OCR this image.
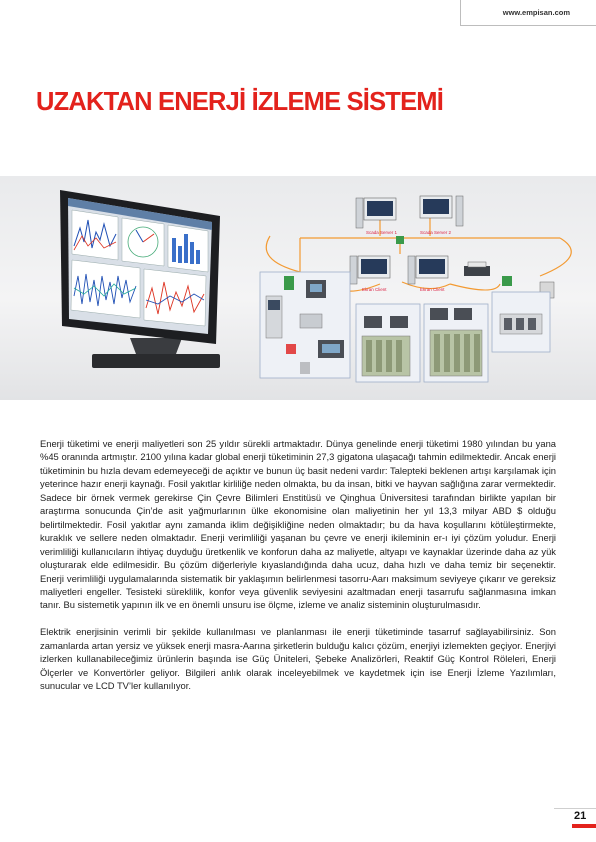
www.empisan.com
UZAKTAN ENERJİ İZLEME SİSTEMİ
Scada Server 1	Scada Server 2
Ekran Client	Ekran Client

Enerji tüketimi ve enerji maliyetleri son 25 yıldır sürekli artmaktadır. Dünya genelinde enerji tüketimi 1980 yılından bu yana %45 oranında artmıştır. 2100 yılına kadar global enerji tüketiminin 27,3 gigatona ulaşacağı tahmin edilmektedir. Ancak enerji tüketiminin bu hızla devam edemeyeceği de açıktır ve bunun üç basit nedeni vardır: Talepteki beklenen artışı karşılamak için yeterince hazır enerji kaynağı. Fosil yakıtlar kirliliğe neden olmakta, bu da insan, bitki ve hayvan sağlığına zarar vermektedir. Sadece bir örnek vermek gerekirse Çin Çevre Bilimleri Enstitüsü ve Qinghua Üniversitesi tarafından birlikte yapılan bir araştırma sonucunda Çin’de asit yağmurlarının ülke ekonomisine olan maliyetinin her yıl 13,3 milyar ABD $ olduğu belirtilmektedir. Fosil yakıtlar aynı zamanda iklim değişikliğine neden olmaktadır; bu da hava koşullarını kötüleştirmekte, kuraklık ve sellere neden olmaktadır. Enerji verimliliği yaşanan bu çevre ve enerji ikileminin er-ı iyi çözüm yoludur. Enerji verimliliği kullanıcıların ihtiyaç duyduğu üretkenlik ve konforun daha az maliyetle, altyapı ve kaynaklar üzerinde daha az yük oluşturarak elde edilmesidir. Bu çözüm diğerleriyle kıyaslandığında daha ucuz, daha hızlı ve daha temiz bir seçenektir. Enerji verimliliği uygulamalarında sistematik bir yaklaşımın belirlenmesi tasorru-Aarı maksimum seviyeye çıkarır ve gereksiz maliyetleri engeller. Tesisteki süreklilik, konfor veya güvenlik seviyesini azaltmadan enerji tasarrufu sağlanmasına imkan tanır. Bu sistemetik yapının ilk ve en önemli unsuru ise ölçme, izleme ve analiz sisteminin oluşturulmasıdır.

Elektrik enerjisinin verimli bir şekilde kullanılması ve planlanması ile enerji tüketiminde tasarruf sağlayabilirsiniz. Son zamanlarda artan yersiz ve yüksek enerji masra-Aarına şirketlerin bulduğu kalıcı çözüm, enerjiyi izlemekten geçiyor. Enerjiyi izlerken kullanabileceğimiz ürünlerin başında ise Güç Üniteleri, Şebeke Analizörleri, Reaktif Güç Kontrol Röleleri, Enerji Ölçerler ve Konvertörler geliyor. Bilgileri anlık olarak inceleyebilmek ve kaydetmek için ise Enerji İzleme Yazılımları, sunucular ve LCD TV’ler kullanılıyor.

21
